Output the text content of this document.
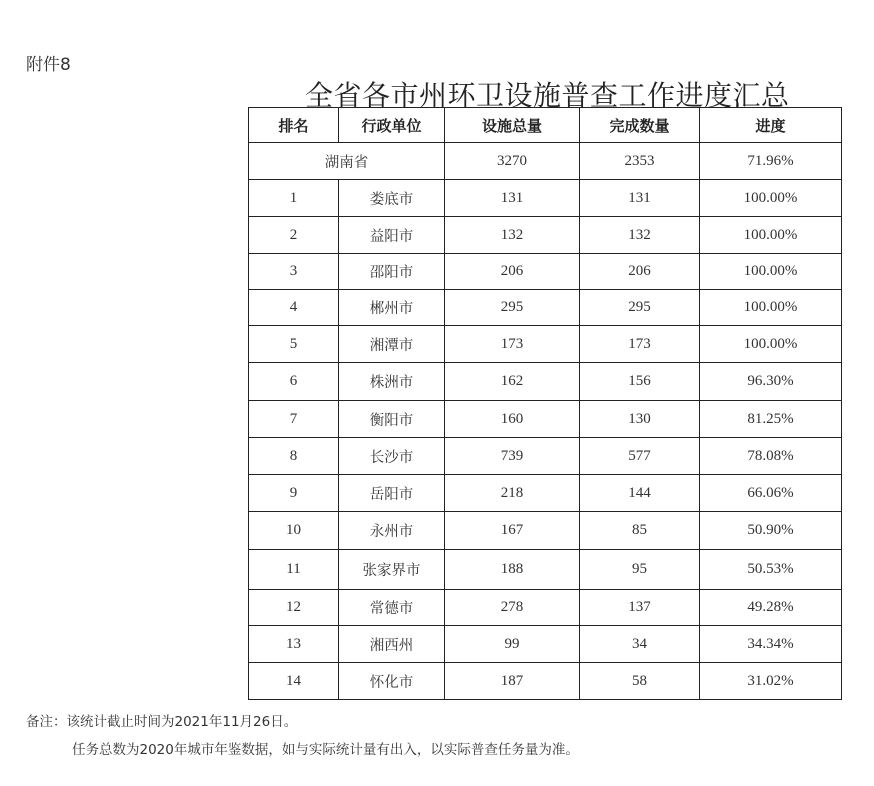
附件8
全省各市州环卫设施普查工作进度汇总
排名	行政单位	设施总量	完成数量	进度
湖南省		3270	2353	71.96%
1	娄底市	131	131	100.00%
2	益阳市	132	132	100.00%
3	邵阳市	206	206	100.00%
4	郴州市	295	295	100.00%
5	湘潭市	173	173	100.00%
6	株洲市	162	156	96.30%
7	衡阳市	160	130	81.25%
8	长沙市	739	577	78.08%
9	岳阳市	218	144	66.06%
10	永州市	167	85	50.90%
11	张家界市	188	95	50.53%
12	常德市	278	137	49.28%
13	湘西州	99	34	34.34%
14	怀化市	187	58	31.02%
备注：该统计截止时间为2021年11月26日。
任务总数为2020年城市年鉴数据，如与实际统计量有出入，以实际普查任务量为准。
